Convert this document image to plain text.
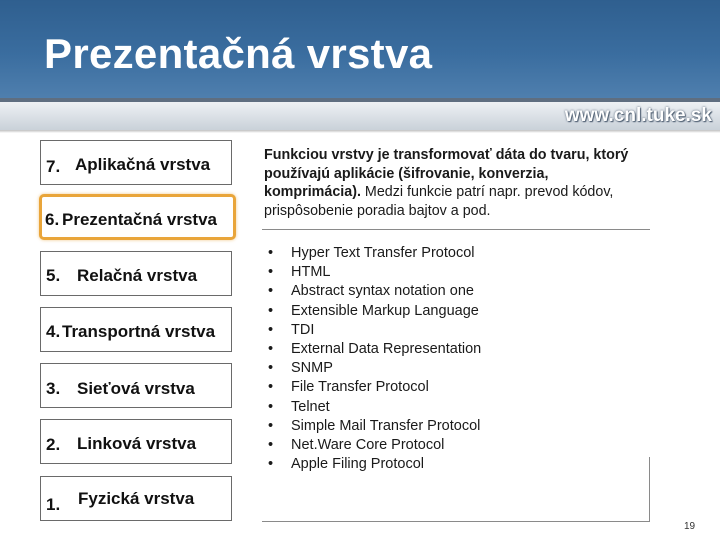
Prezentačná vrstva
www.cnl.tuke.sk
7. Aplikačná vrstva
6. Prezentačná vrstva
5. Relačná vrstva
4. Transportná vrstva
3. Sieťová vrstva
2. Linková vrstva
1. Fyzická vrstva
Funkciou vrstvy je transformovať dáta do tvaru, ktorý používajú aplikácie (šifrovanie, konverzia, komprimácia). Medzi funkcie patrí napr. prevod kódov, prispôsobenie poradia bajtov a pod.
• Hyper Text Transfer Protocol
• HTML
• Abstract syntax notation one
• Extensible Markup Language
• TDI
• External Data Representation
• SNMP
• File Transfer Protocol
• Telnet
• Simple Mail Transfer Protocol
• Net.Ware Core Protocol
• Apple Filing Protocol
19
